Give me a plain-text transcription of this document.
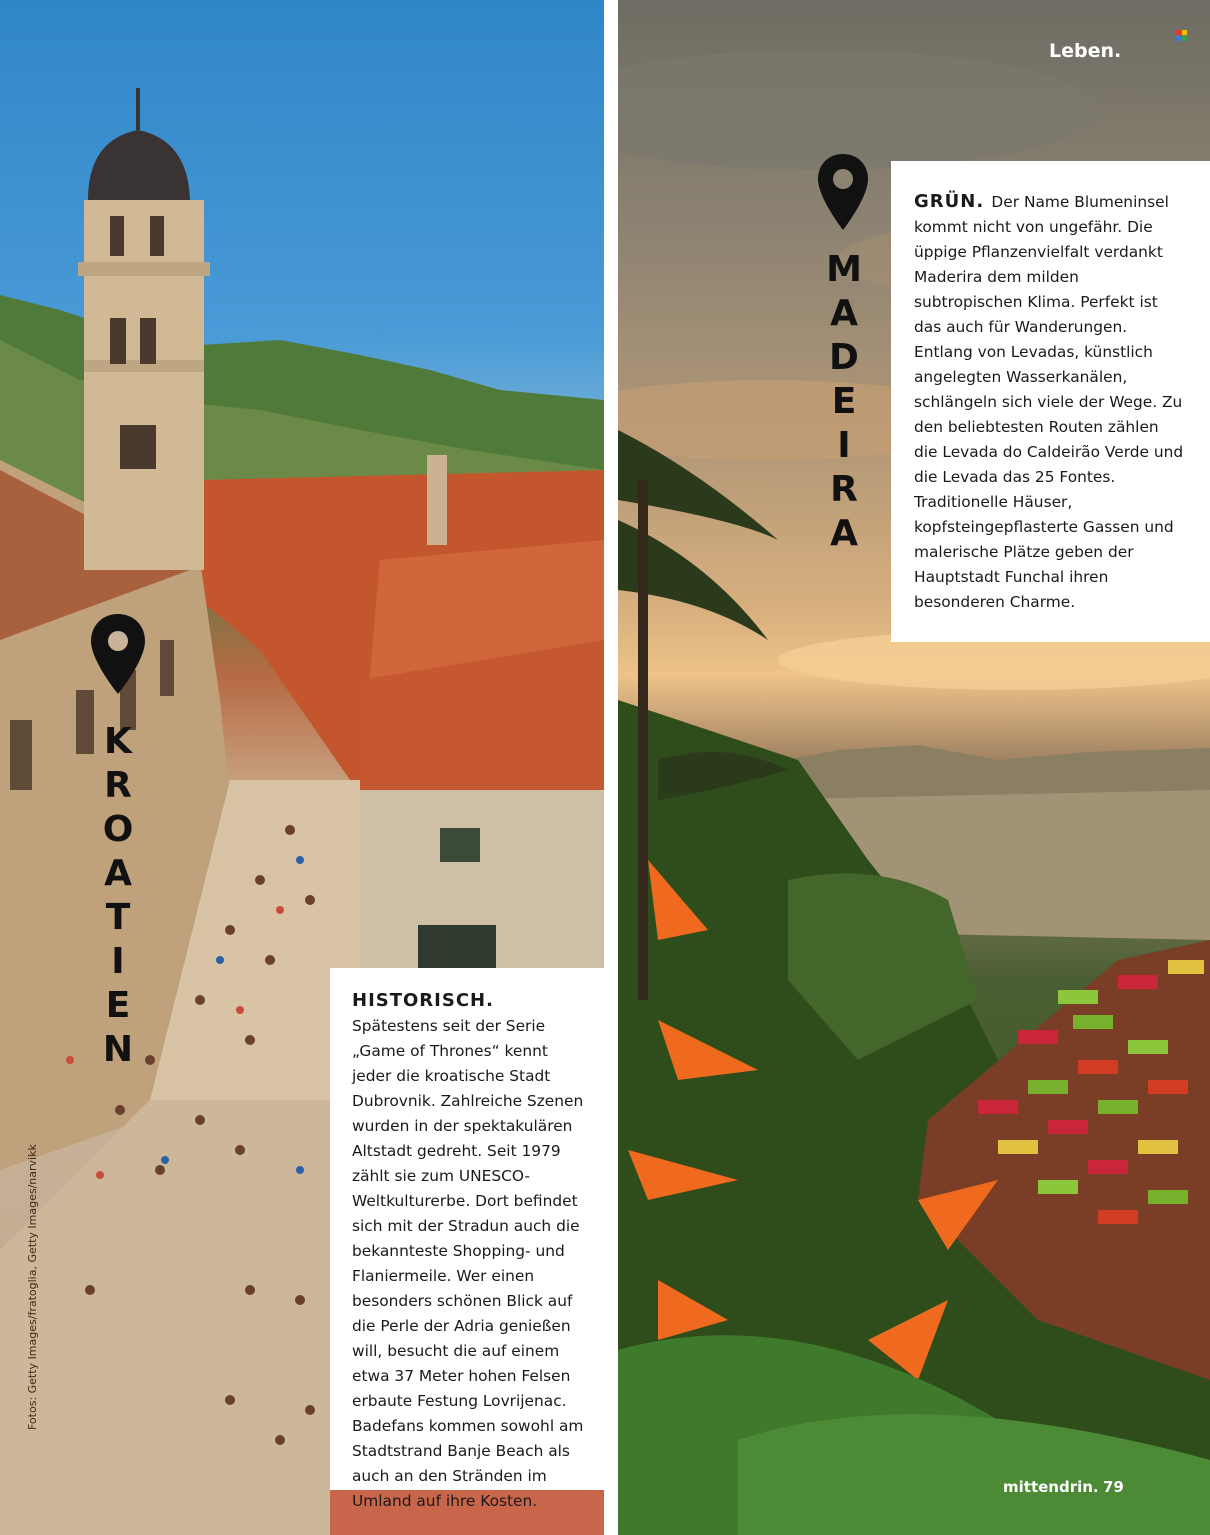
K
R
O
A
T
I
E
N
HISTORISCH. Spätestens seit der Serie „Game of Thrones“ kennt jeder die kroatische Stadt Dubrovnik. Zahlreiche Szenen wurden in der spektakulären Altstadt gedreht. Seit 1979 zählt sie zum UNESCO-Weltkulturerbe. Dort befindet sich mit der Stradun auch die bekannteste Shopping- und Flaniermeile. Wer einen besonders schönen Blick auf die Perle der Adria genießen will, besucht die auf einem etwa 37 Meter hohen Felsen erbaute Festung Lovrijenac. Badefans kommen sowohl am Stadtstrand Banje Beach als auch an den Stränden im Umland auf ihre Kosten.
Fotos: Getty Images/fratoglia, Getty Images/narvikk
M
A
D
E
I
R
A
GRÜN. Der Name Blumeninsel kommt nicht von ungefähr. Die üppige Pflanzenvielfalt verdankt Maderira dem milden subtropischen Klima. Perfekt ist das auch für Wanderungen. Entlang von Levadas, künstlich angelegten Wasserkanälen, schlängeln sich viele der Wege. Zu den beliebtesten Routen zählen die Levada do Caldeirão Verde und die Levada das 25 Fontes. Traditionelle Häuser, kopfsteingepflasterte Gassen und malerische Plätze geben der Hauptstadt Funchal ihren besonderen Charme.
Leben.
mittendrin. 79
